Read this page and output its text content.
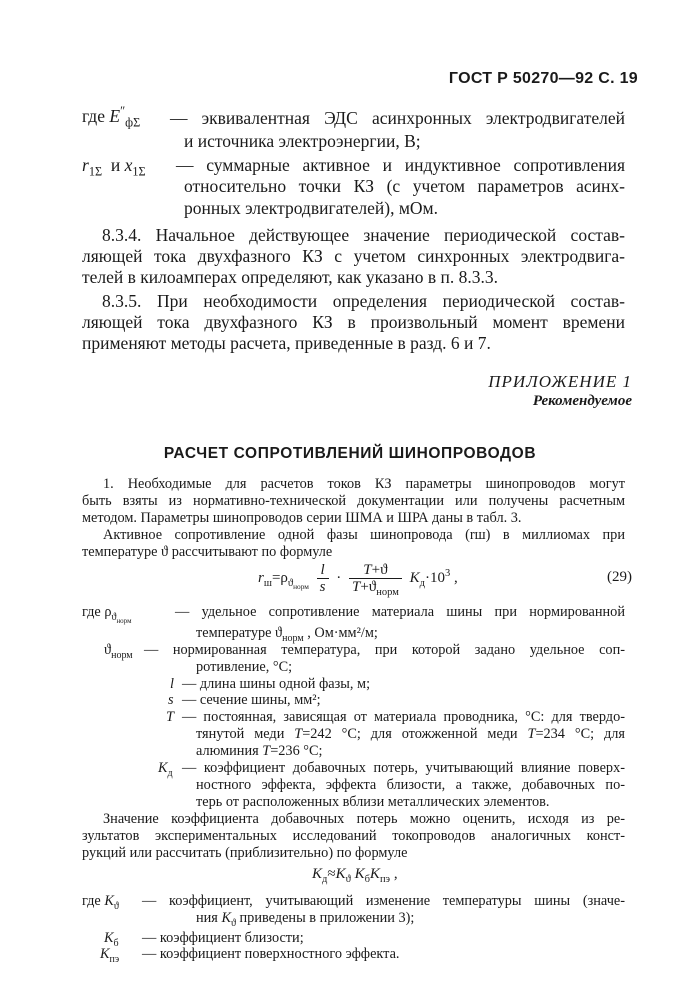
ГОСТ Р 50270—92 С. 19
где $E''_{ф\Sigma}$ — эквивалентная ЭДС асинхронных электродвигателей
и источника электроэнергии, В;
$r_{1\Sigma}$  и $x_{1\Sigma}$ — суммарные активное и индуктивное сопротивления
относительно точки КЗ (с учетом параметров асинх-
ронных электродвигателей), мОм.
8.3.4. Начальное действующее значение периодической состав-
ляющей тока двухфазного КЗ с учетом синхронных электродвига-
телей в килоамперах определяют, как указано в п. 8.3.3.
8.3.5. При необходимости определения периодической состав-
ляющей тока двухфазного КЗ в произвольный момент времени
применяют методы расчета, приведенные в разд. 6 и 7.
ПРИЛОЖЕНИЕ 1
Рекомендуемое
РАСЧЕТ СОПРОТИВЛЕНИЙ ШИНОПРОВОДОВ
1. Необходимые для расчетов токов КЗ параметры шинопроводов могут
быть взяты из нормативно-технической документации или получены расчетным
методом. Параметры шинопроводов серии ШМА и ШРА даны в табл. 3.
Активное сопротивление одной фазы шинопровода (rш) в миллиомах при
температуре ϑ рассчитывают по формуле
$r_ш=\rho_{ϑ_{норм}} \frac{l}{s} \cdot \frac{T+ϑ}{T+ϑ_{норм}} K_д\cdot 10^3$ ,	(29)
где $\rho_{ϑ_{норм}}$
— удельное сопротивление материала шины при нормированной
температуре $ϑ_{норм}$ , Ом·мм²/м;
$ϑ_{норм}$ — нормированная температура, при которой задано удельное соп-
ротивление, °С;
l — длина шины одной фазы, м;
s — сечение шины, мм²;
T — постоянная, зависящая от материала проводника, °С: для твердо-
тянутой меди T=242 °С; для отожженной меди T=234 °С; для
алюминия T=236 °С;
$K_д$ — коэффициент добавочных потерь, учитывающий влияние поверх-
ностного эффекта, эффекта близости, а также, добавочных по-
терь от расположенных вблизи металлических элементов.
Значение коэффициента добавочных потерь можно оценить, исходя из ре-
зультатов экспериментальных исследований токопроводов аналогичных конст-
рукций или рассчитать (приблизительно) по формуле
$K_д\approx K_ϑ$ $K_бK_{пэ}$ ,
где $K_ϑ$ — коэффициент, учитывающий изменение температуры шины (значе-
ния $K_ϑ$ приведены в приложении 3);
$K_б$ — коэффициент близости;
$K_{пэ}$ — коэффициент поверхностного эффекта.
